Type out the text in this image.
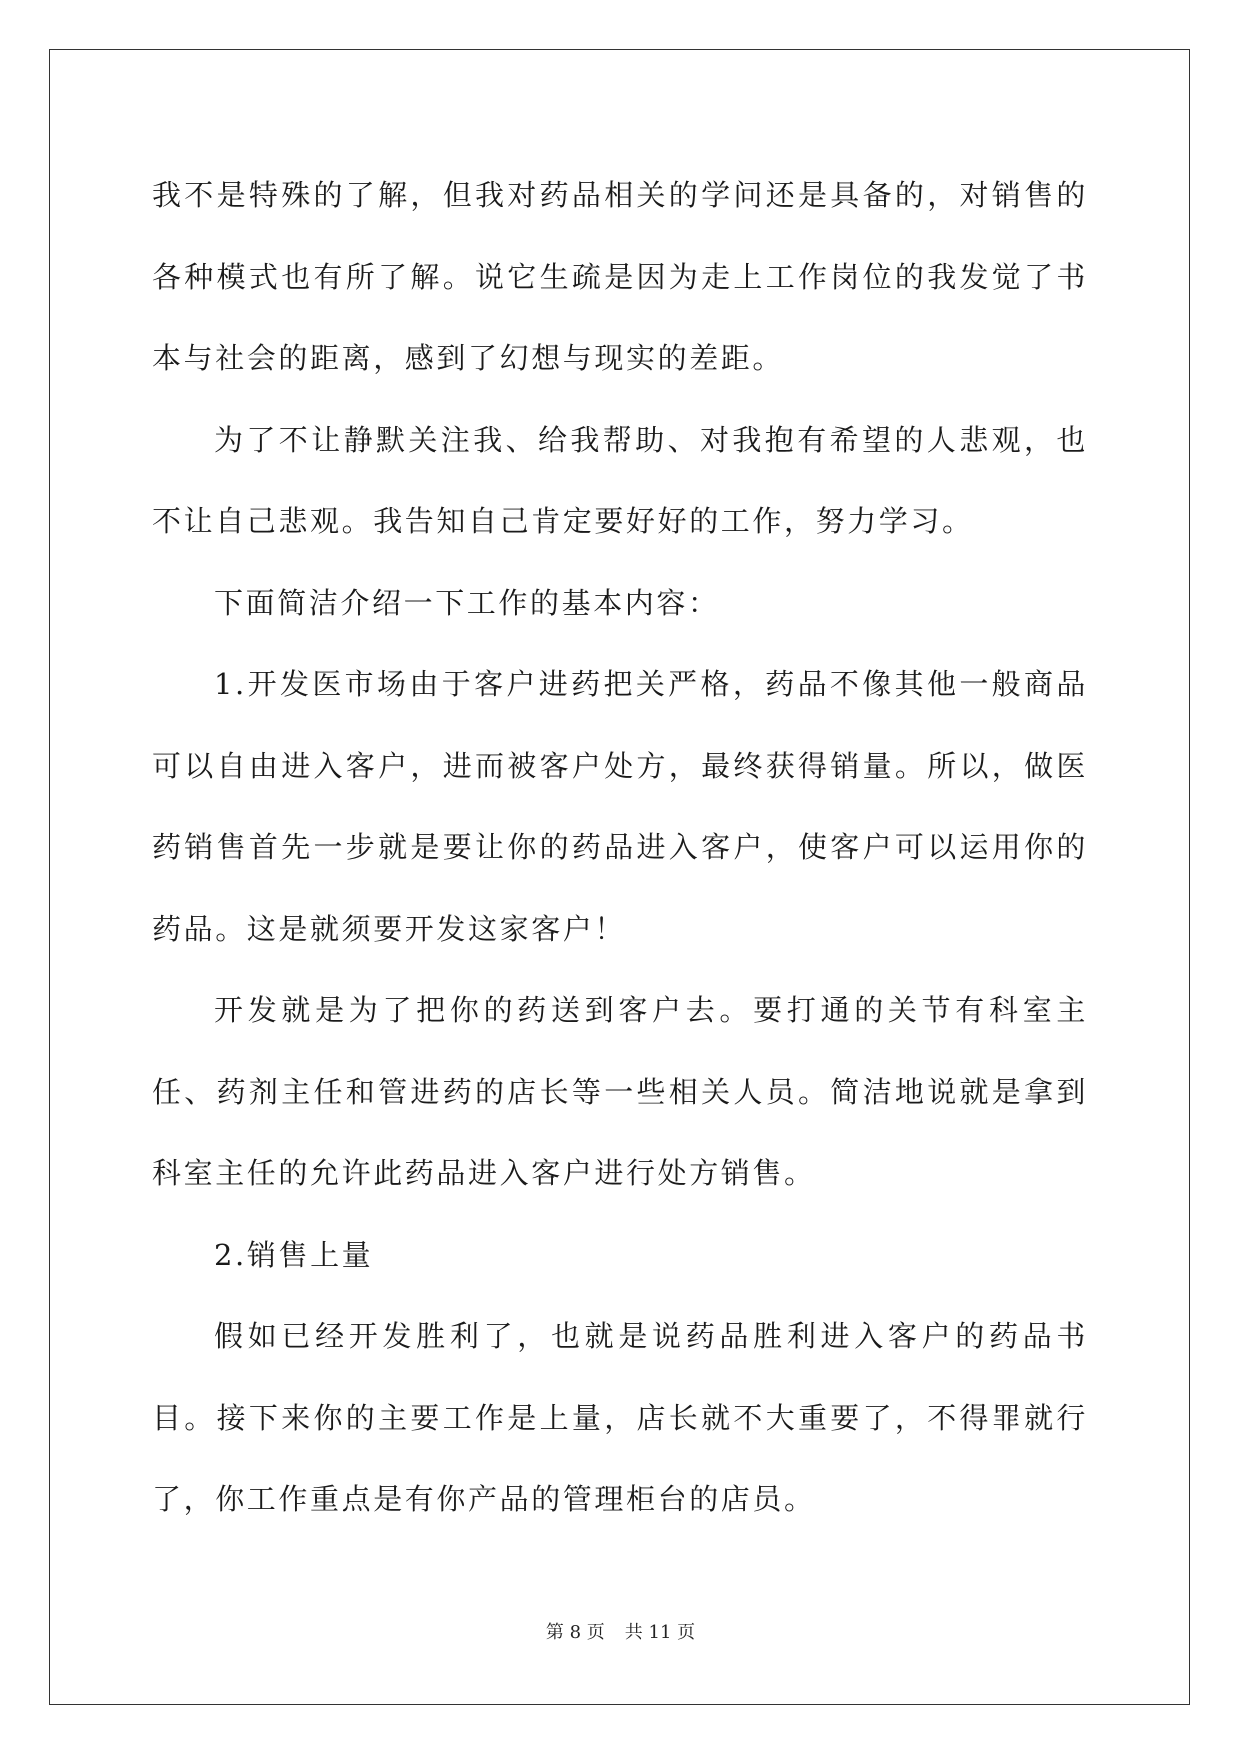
我不是特殊的了解，但我对药品相关的学问还是具备的，对销售的各种模式也有所了解。说它生疏是因为走上工作岗位的我发觉了书本与社会的距离，感到了幻想与现实的差距。

为了不让静默关注我、给我帮助、对我抱有希望的人悲观，也不让自己悲观。我告知自己肯定要好好的工作，努力学习。

下面简洁介绍一下工作的基本内容：

1.开发医市场由于客户进药把关严格，药品不像其他一般商品可以自由进入客户，进而被客户处方，最终获得销量。所以，做医药销售首先一步就是要让你的药品进入客户，使客户可以运用你的药品。这是就须要开发这家客户！

开发就是为了把你的药送到客户去。要打通的关节有科室主任、药剂主任和管进药的店长等一些相关人员。简洁地说就是拿到科室主任的允许此药品进入客户进行处方销售。

2.销售上量

假如已经开发胜利了，也就是说药品胜利进入客户的药品书目。接下来你的主要工作是上量，店长就不大重要了，不得罪就行了，你工作重点是有你产品的管理柜台的店员。

第 8 页 共 11 页
